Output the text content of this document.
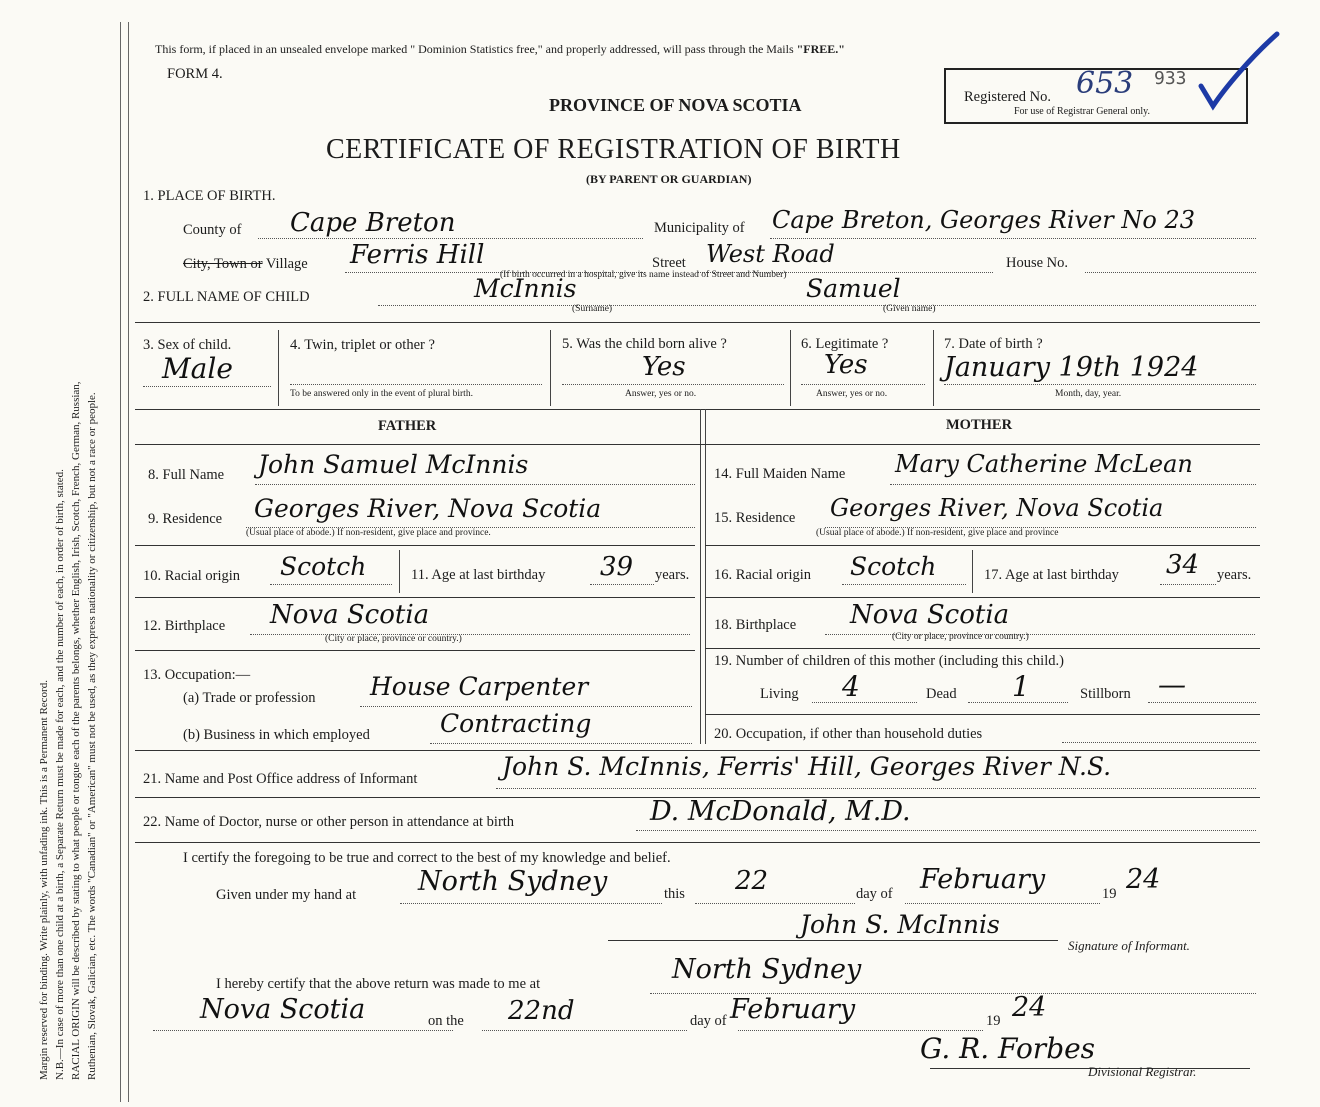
Margin reserved for binding. Write plainly, with unfading ink. This is a Permanent Record. N.B.—In case of more than one child at a birth, a Separate Return must be made for each, and the number of each, in order of birth, stated. RACIAL ORIGIN will be described by stating to what people or tongue each of the parents belongs, whether English, Irish, Scotch, French, German, Russian, Ruthenian, Slovak, Galician, etc. The words "Canadian" or "American" must not be used, as they express nationality or citizenship, but not a race or people.
This form, if placed in an unsealed envelope marked " Dominion Statistics free," and properly addressed, will pass through the Mails "FREE."
FORM 4.
PROVINCE OF NOVA SCOTIA
CERTIFICATE OF REGISTRATION OF BIRTH
(BY PARENT OR GUARDIAN)
Registered No. 653 933
For use of Registrar General only.
1. PLACE OF BIRTH.
County of Cape Breton	Municipality of Cape Breton, Georges River No 23
City, Town or Village Ferris Hill	Street West Road	House No.
(If birth occurred in a hospital, give its name instead of Street and Number)
2. FULL NAME OF CHILD	McInnis
(Surname)
Samuel
(Given name)
3. Sex of child.
Male
4. Twin, triplet or other ?
To be answered only in the event of plural birth.
5. Was the child born alive ?
Yes
Answer, yes or no.
6. Legitimate ?
Yes
Answer, yes or no.
7. Date of birth ?
January 19th 1924
Month, day, year.
FATHER	MOTHER
8. Full Name John Samuel McInnis
9. Residence Georges River, Nova Scotia
(Usual place of abode.) If non-resident, give place and province.
10. Racial origin Scotch	11. Age at last birthday 39 years.
12. Birthplace Nova Scotia
(City or place, province or country.)
13. Occupation:—
(a) Trade or profession House Carpenter
(b) Business in which employed	Contracting
14. Full Maiden Name Mary Catherine McLean
15. Residence Georges River, Nova Scotia
(Usual place of abode.) If non-resident, give place and province
16. Racial origin Scotch	17. Age at last birthday 34 years.
18. Birthplace Nova Scotia
(City or place, province or country.)
19. Number of children of this mother (including this child.)
Living 4	Dead 1	Stillborn —
20. Occupation, if other than household duties
21. Name and Post Office address of Informant	John S. McInnis, Ferris' Hill, Georges River N.S.
22. Name of Doctor, nurse or other person in attendance at birth	D. McDonald, M.D.
I certify the foregoing to be true and correct to the best of my knowledge and belief.
Given under my hand at North Sydney	this 22	day of February	19 24
John S. McInnis
Signature of Informant.
I hereby certify that the above return was made to me at	North Sydney
Nova Scotia	on the 22nd	day of February	19 24
G. R. Forbes
Divisional Registrar.
